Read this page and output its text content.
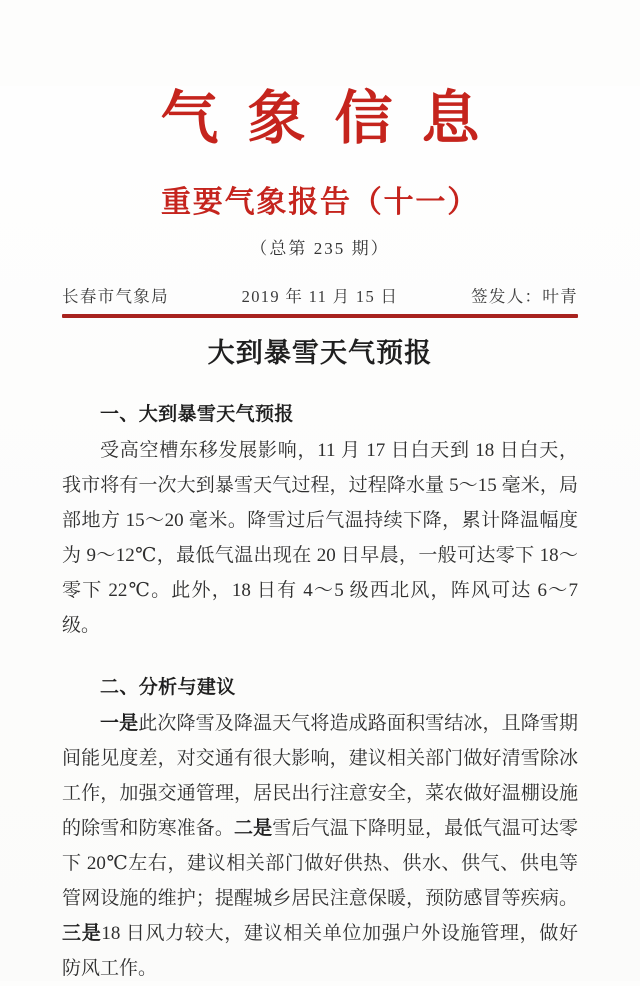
气象信息
重要气象报告（十一）
（总第 235 期）
长春市气象局	2019 年 11 月 15 日	签发人：叶青
大到暴雪天气预报
一、大到暴雪天气预报

受高空槽东移发展影响，11 月 17 日白天到 18 日白天，我市将有一次大到暴雪天气过程，过程降水量 5～15 毫米，局部地方 15～20 毫米。降雪过后气温持续下降，累计降温幅度为 9～12℃，最低气温出现在 20 日早晨，一般可达零下 18～零下 22℃。此外，18 日有 4～5 级西北风，阵风可达 6～7 级。

二、分析与建议

一是此次降雪及降温天气将造成路面积雪结冰，且降雪期间能见度差，对交通有很大影响，建议相关部门做好清雪除冰工作，加强交通管理，居民出行注意安全，菜农做好温棚设施的除雪和防寒准备。二是雪后气温下降明显，最低气温可达零下 20℃左右，建议相关部门做好供热、供水、供气、供电等管网设施的维护；提醒城乡居民注意保暖，预防感冒等疾病。三是18 日风力较大，建议相关单位加强户外设施管理，做好防风工作。
